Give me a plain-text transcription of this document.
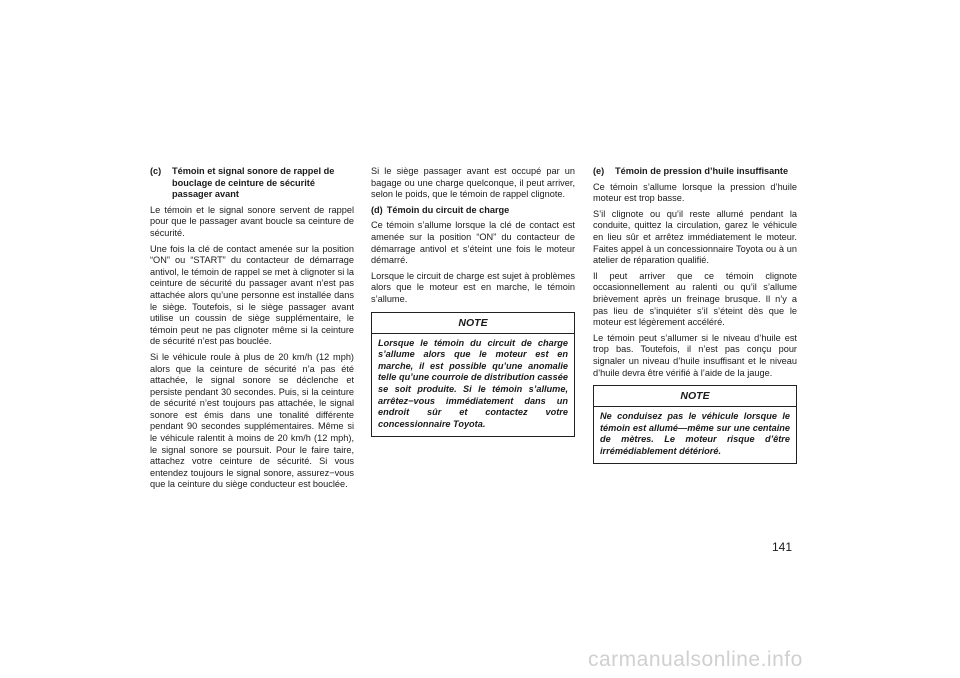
(c)	Témoin et signal sonore de rappel de bouclage de ceinture de sécurité passager avant

Le témoin et le signal sonore servent de rappel pour que le passager avant boucle sa ceinture de sécurité.

Une fois la clé de contact amenée sur la position “ON” ou “START” du contacteur de démarrage antivol, le témoin de rappel se met à clignoter si la ceinture de sécurité du passager avant n’est pas attachée alors qu’une personne est installée dans le siège. Toutefois, si le siège passager avant utilise un coussin de siège supplémentaire, le témoin peut ne pas clignoter même si la ceinture de sécurité n’est pas bouclée.

Si le véhicule roule à plus de 20 km/h (12 mph) alors que la ceinture de sécurité n’a pas été attachée, le signal sonore se déclenche et persiste pendant 30 secondes. Puis, si la ceinture de sécurité n’est toujours pas attachée, le signal sonore est émis dans une tonalité différente pendant 90 secondes supplémentaires. Même si le véhicule ralentit à moins de 20 km/h (12 mph), le signal sonore se poursuit. Pour le faire taire, attachez votre ceinture de sécurité. Si vous entendez toujours le signal sonore, assurez−vous que la ceinture du siège conducteur est bouclée.

Si le siège passager avant est occupé par un bagage ou une charge quelconque, il peut arriver, selon le poids, que le témoin de rappel clignote.

(d) Témoin du circuit de charge

Ce témoin s’allume lorsque la clé de contact est amenée sur la position “ON” du contacteur de démarrage antivol et s’éteint une fois le moteur démarré.

Lorsque le circuit de charge est sujet à problèmes alors que le moteur est en marche, le témoin s’allume.

NOTE
Lorsque le témoin du circuit de charge s’allume alors que le moteur est en marche, il est possible qu’une anomalie telle qu’une courroie de distribution cassée se soit produite. Si le témoin s’allume, arrêtez−vous immédiatement dans un endroit sûr et contactez votre concessionnaire Toyota.
(e)	Témoin de pression d’huile insuffisante

Ce témoin s’allume lorsque la pression d’huile moteur est trop basse.

S’il clignote ou qu’il reste allumé pendant la conduite, quittez la circulation, garez le véhicule en lieu sûr et arrêtez immédiatement le moteur. Faites appel à un concessionnaire Toyota ou à un atelier de réparation qualifié.

Il peut arriver que ce témoin clignote occasionnellement au ralenti ou qu’il s’allume brièvement après un freinage brusque. Il n’y a pas lieu de s’inquiéter s’il s’éteint dès que le moteur est légèrement accéléré.

Le témoin peut s’allumer si le niveau d’huile est trop bas. Toutefois, il n’est pas conçu pour signaler un niveau d’huile insuffisant et le niveau d’huile devra être vérifié à l’aide de la jauge.

NOTE
Ne conduisez pas le véhicule lorsque le témoin est allumé—même sur une centaine de mètres. Le moteur risque d’être irrémédiablement détérioré.
141
carmanualsonline.info
